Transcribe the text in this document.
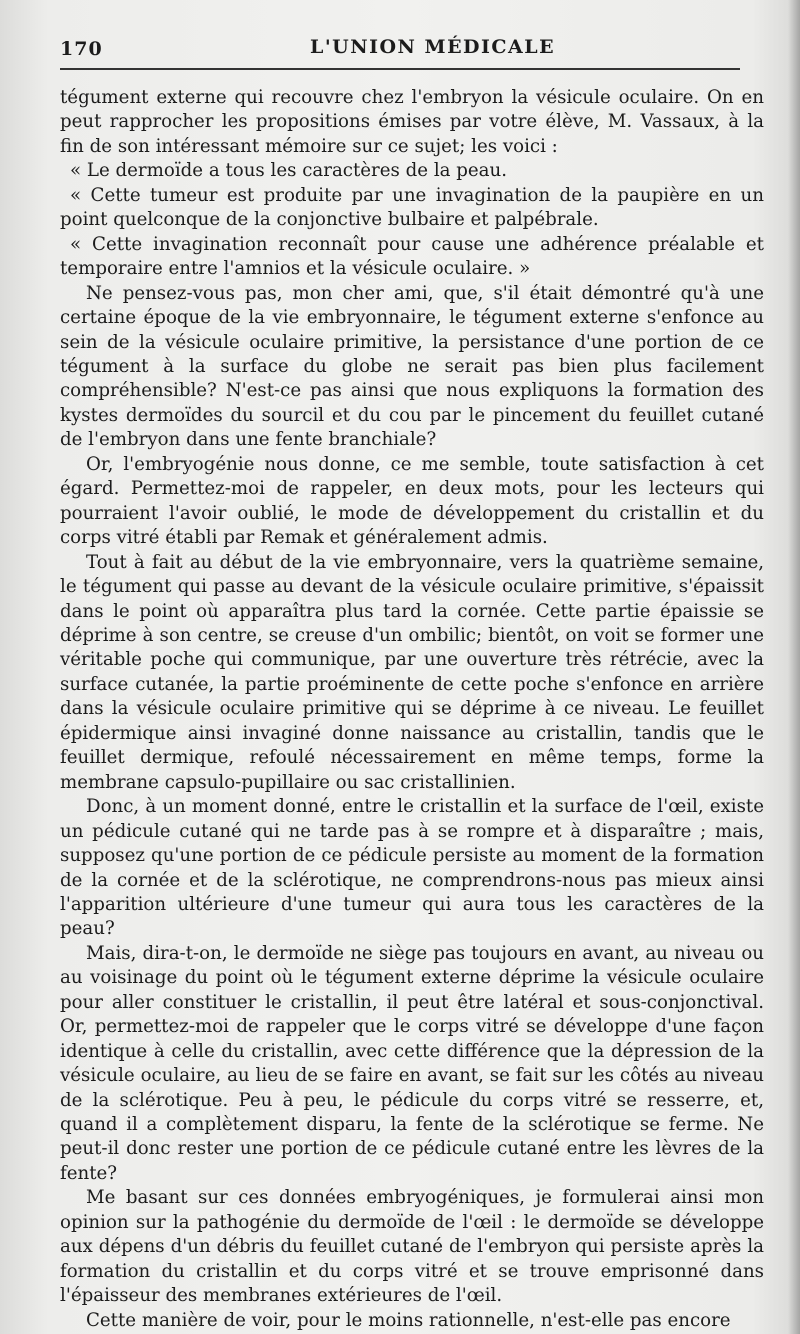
170	L'UNION MÉDICALE

tégument externe qui recouvre chez l'embryon la vésicule oculaire. On en peut rapprocher les propositions émises par votre élève, M. Vassaux, à la fin de son intéressant mémoire sur ce sujet; les voici :

« Le dermoïde a tous les caractères de la peau.

« Cette tumeur est produite par une invagination de la paupière en un point quelconque de la conjonctive bulbaire et palpébrale.

« Cette invagination reconnaît pour cause une adhérence préalable et temporaire entre l'amnios et la vésicule oculaire. »

Ne pensez-vous pas, mon cher ami, que, s'il était démontré qu'à une certaine époque de la vie embryonnaire, le tégument externe s'enfonce au sein de la vésicule oculaire primitive, la persistance d'une portion de ce tégument à la surface du globe ne serait pas bien plus facilement compréhensible? N'est-ce pas ainsi que nous expliquons la formation des kystes dermoïdes du sourcil et du cou par le pincement du feuillet cutané de l'embryon dans une fente branchiale?

Or, l'embryogénie nous donne, ce me semble, toute satisfaction à cet égard. Permettez-moi de rappeler, en deux mots, pour les lecteurs qui pourraient l'avoir oublié, le mode de développement du cristallin et du corps vitré établi par Remak et généralement admis.

Tout à fait au début de la vie embryonnaire, vers la quatrième semaine, le tégument qui passe au devant de la vésicule oculaire primitive, s'épaissit dans le point où apparaîtra plus tard la cornée. Cette partie épaissie se déprime à son centre, se creuse d'un ombilic; bientôt, on voit se former une véritable poche qui communique, par une ouverture très rétrécie, avec la surface cutanée, la partie proéminente de cette poche s'enfonce en arrière dans la vésicule oculaire primitive qui se déprime à ce niveau. Le feuillet épidermique ainsi invaginé donne naissance au cristallin, tandis que le feuillet dermique, refoulé nécessairement en même temps, forme la membrane capsulo-pupillaire ou sac cristallinien.

Donc, à un moment donné, entre le cristallin et la surface de l'œil, existe un pédicule cutané qui ne tarde pas à se rompre et à disparaître ; mais, supposez qu'une portion de ce pédicule persiste au moment de la formation de la cornée et de la sclérotique, ne comprendrons-nous pas mieux ainsi l'apparition ultérieure d'une tumeur qui aura tous les caractères de la peau?

Mais, dira-t-on, le dermoïde ne siège pas toujours en avant, au niveau ou au voisinage du point où le tégument externe déprime la vésicule oculaire pour aller constituer le cristallin, il peut être latéral et sous-conjonctival. Or, permettez-moi de rappeler que le corps vitré se développe d'une façon identique à celle du cristallin, avec cette différence que la dépression de la vésicule oculaire, au lieu de se faire en avant, se fait sur les côtés au niveau de la sclérotique. Peu à peu, le pédicule du corps vitré se resserre, et, quand il a complètement disparu, la fente de la sclérotique se ferme. Ne peut-il donc rester une portion de ce pédicule cutané entre les lèvres de la fente?

Me basant sur ces données embryogéniques, je formulerai ainsi mon opinion sur la pathogénie du dermoïde de l'œil : le dermoïde se développe aux dépens d'un débris du feuillet cutané de l'embryon qui persiste après la formation du cristallin et du corps vitré et se trouve emprisonné dans l'épaisseur des membranes extérieures de l'œil.

Cette manière de voir, pour le moins rationnelle, n'est-elle pas encore
